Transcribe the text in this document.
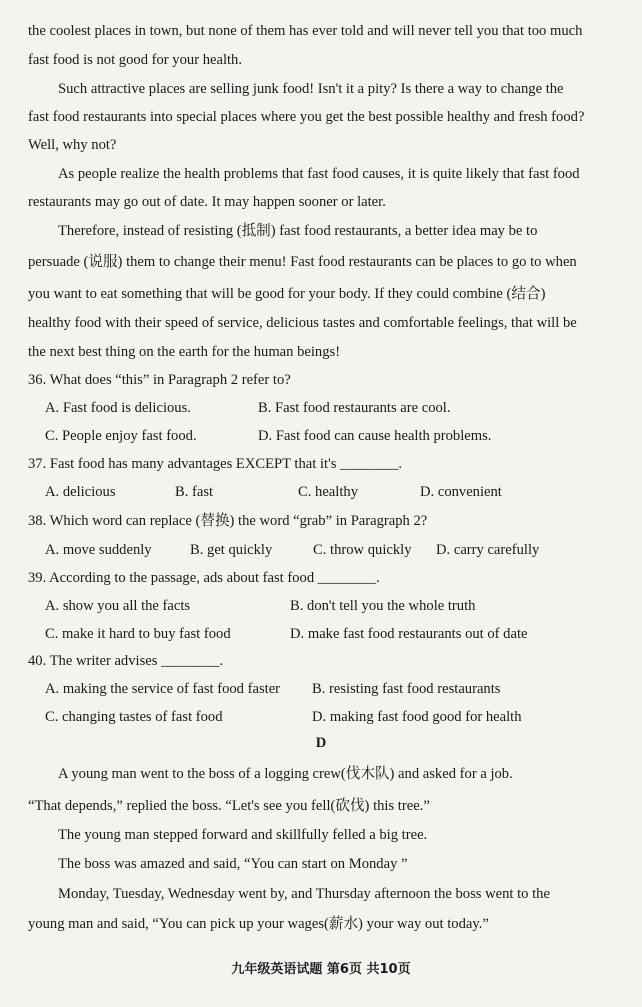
the coolest places in town, but none of them has ever told and will never tell you that too much
fast food is not good for your health.
Such attractive places are selling junk food! Isn't it a pity? Is there a way to change the
fast food restaurants into special places where you get the best possible healthy and fresh food?
Well, why not?
As people realize the health problems that fast food causes, it is quite likely that fast food
restaurants may go out of date. It may happen sooner or later.
Therefore, instead of resisting (抵制) fast food restaurants, a better idea may be to
persuade (说服) them to change their menu! Fast food restaurants can be places to go to when
you want to eat something that will be good for your body. If they could combine (结合)
healthy food with their speed of service, delicious tastes and comfortable feelings, that will be
the next best thing on the earth for the human beings!
36. What does “this” in Paragraph 2 refer to?
A. Fast food is delicious.	B. Fast food restaurants are cool.
C. People enjoy fast food.	D. Fast food can cause health problems.
37. Fast food has many advantages EXCEPT that it's ________.
A. delicious	B. fast	C. healthy	D. convenient
38. Which word can replace (替换) the word “grab” in Paragraph 2?
A. move suddenly	B. get quickly	C. throw quickly D. carry carefully
39. According to the passage, ads about fast food ________.
A. show you all the facts	B. don't tell you the whole truth
C. make it hard to buy fast food	D. make fast food restaurants out of date
40. The writer advises ________.
A. making the service of fast food faster B. resisting fast food restaurants
C. changing tastes of fast food	D. making fast food good for health
D
A young man went to the boss of a logging crew(伐木队) and asked for a job.
“That depends,” replied the boss. “Let's see you fell(砍伐) this tree.”
The young man stepped forward and skillfully felled a big tree.
The boss was amazed and said, “You can start on Monday ”
Monday, Tuesday, Wednesday went by, and Thursday afternoon the boss went to the
young man and said, “You can pick up your wages(薪水) your way out today.”
九年级英语试题 第6页 共10页
